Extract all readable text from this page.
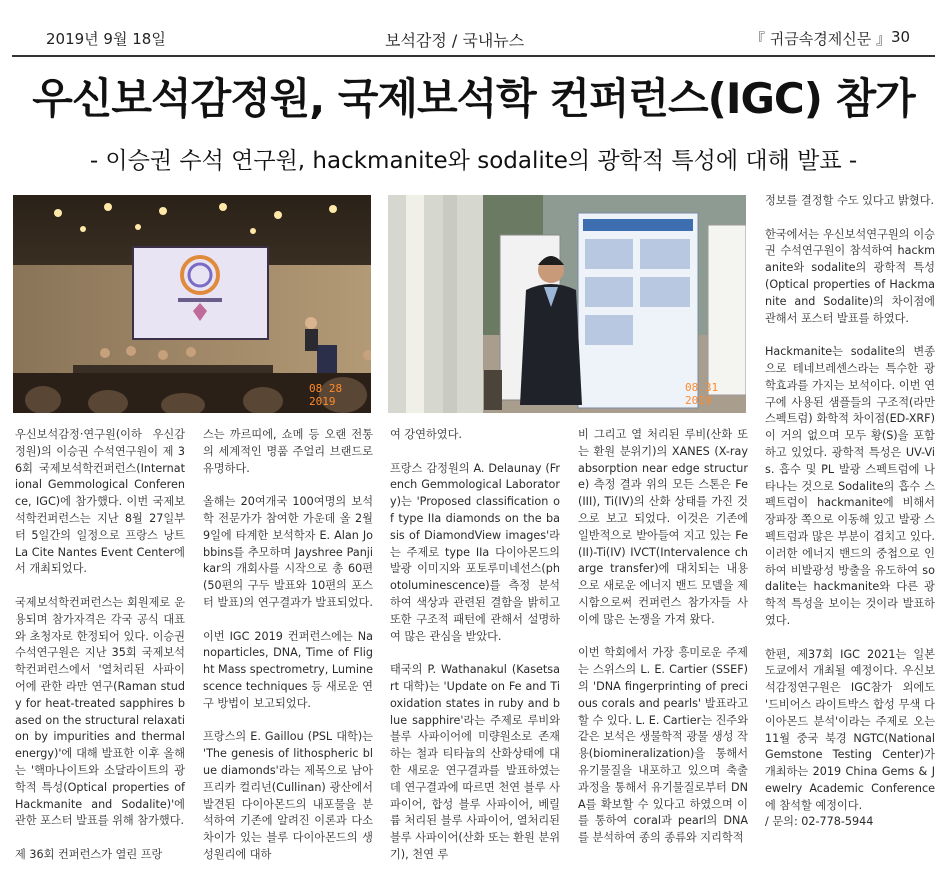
2019년 9월 18일	보석감정 / 국내뉴스	『 귀금속경제신문 』 30
우신보석감정원, 국제보석학 컨퍼런스(IGC) 참가
- 이승권 수석 연구원, hackmanite와 sodalite의 광학적 특성에 대해 발표 -
08 28 2019
08 31 2019

우신보석감정·연구원(이하 우신감정원)의 이승권 수석연구원이 제 36회 국제보석학컨퍼런스(International Gemmological Conference, IGC)에 참가했다. 이번 국제보석학컨퍼런스는 지난 8월 27일부터 5일간의 일정으로 프랑스 낭트 La Cite Nantes Event Center에서 개최되었다.

국제보석학컨퍼런스는 회원제로 운용되며 참가자격은 각국 공식 대표와 초청자로 한정되어 있다. 이승권 수석연구원은 지난 35회 국제보석학컨퍼런스에서 '열처리된 사파이어에 관한 라만 연구(Raman study for heat-treated sapphires based on the structural relaxation by impurities and thermal energy)'에 대해 발표한 이후 올해는 '핵마나이트와 소달라이트의 광학적 특성(Optical properties of Hackmanite and Sodalite)'에 관한 포스터 발표를 위해 참가했다.

제 36회 컨퍼런스가 열린 프랑

스는 까르띠에, 쇼메 등 오랜 전통의 세계적인 명품 주얼리 브랜드로 유명하다.

올해는 20여개국 100여명의 보석학 전문가가 참여한 가운데 올 2월 9일에 타계한 보석학자 E. Alan Jobbins를 추모하며 Jayshree Panjikar의 개회사를 시작으로 총 60편(50편의 구두 발표와 10편의 포스터 발표)의 연구결과가 발표되었다.

이번 IGC 2019 컨퍼런스에는 Nanoparticles, DNA, Time of Flight Mass spectrometry, Luminescence techniques 등 새로운 연구 방법이 보고되었다.

프랑스의 E. Gaillou (PSL 대학)는 'The genesis of lithospheric blue diamonds'라는 제목으로 남아프리카 컬리넌(Cullinan) 광산에서 발견된 다이아몬드의 내포물을 분석하여 기존에 알려진 이론과 다소 차이가 있는 블루 다이아몬드의 생성원리에 대하

여 강연하였다.

프랑스 감정원의 A. Delaunay (French Gemmological Laboratory)는 'Proposed classification of type IIa diamonds on the basis of DiamondView images'라는 주제로 type IIa 다이아몬드의 발광 이미지와 포토루미네선스(photoluminescence)를 측정 분석하여 색상과 관련된 결함을 밝히고 또한 구조적 패턴에 관해서 설명하여 많은 관심을 받았다.

태국의 P. Wathanakul (Kasetsart 대학)는 'Update on Fe and Ti oxidation states in ruby and blue sapphire'라는 주제로 루비와 블루 사파이어에 미량원소로 존재하는 철과 티타늄의 산화상태에 대한 새로운 연구결과를 발표하였는데 연구결과에 따르면 천연 블루 사파이어, 합성 블루 사파이어, 베릴륨 처리된 블루 사파이어, 열처리된 블루 사파이어(산화 또는 환원 분위기), 천연 루

비 그리고 열 처리된 루비(산화 또는 환원 분위기)의 XANES (X-ray absorption near edge structure) 측정 결과 위의 모든 스톤은 Fe(III), Ti(IV)의 산화 상태를 가진 것으로 보고 되었다. 이것은 기존에 일반적으로 받아들여 지고 있는 Fe(II)-Ti(IV) IVCT(Intervalence charge transfer)에 대치되는 내용으로 새로운 에너지 밴드 모델을 제시함으로써 컨퍼런스 참가자들 사이에 많은 논쟁을 가져 왔다.

이번 학회에서 가장 흥미로운 주제는 스위스의 L. E. Cartier (SSEF)의 'DNA fingerprinting of precious corals and pearls' 발표라고 할 수 있다. L. E. Cartier는 진주와 같은 보석은 생물학적 광물 생성 작용(biomineralization)을 통해서 유기물질을 내포하고 있으며 축출 과정을 통해서 유기물질로부터 DNA를 확보할 수 있다고 하였으며 이를 통하여 coral과 pearl의 DNA를 분석하여 종의 종류와 지리학적

정보를 결정할 수도 있다고 밝혔다.

한국에서는 우신보석연구원의 이승권 수석연구원이 참석하여 hackmanite와 sodalite의 광학적 특성(Optical properties of Hackmanite and Sodalite)의 차이점에 관해서 포스터 발표를 하였다.

Hackmanite는 sodalite의 변종으로 테네브레센스라는 특수한 광학효과를 가지는 보석이다. 이번 연구에 사용된 샘플들의 구조적(라만 스펙트럼) 화학적 차이점(ED-XRF)이 거의 없으며 모두 황(S)을 포함하고 있었다. 광학적 특성은 UV-Vis. 흡수 및 PL 발광 스펙트럼에 나타나는 것으로 Sodalite의 흡수 스펙트럼이 hackmanite에 비해서 장파장 쪽으로 이동해 있고 발광 스펙트럼과 많은 부분이 겹치고 있다. 이러한 에너지 밴드의 중첩으로 인하여 비발광성 방출을 유도하여 sodalite는 hackmanite와 다른 광학적 특성을 보이는 것이라 발표하였다.

한편, 제37회 IGC 2021는 일본 도쿄에서 개최될 예정이다. 우신보석감정연구원은 IGC참가 외에도 '드비어스 라이트박스 합성 무색 다이아몬드 분석'이라는 주제로 오는 11월 중국 북경 NGTC(National Gemstone Testing Center)가 개최하는 2019 China Gems & Jewelry Academic Conference에 참석할 예정이다.
/ 문의: 02-778-5944
